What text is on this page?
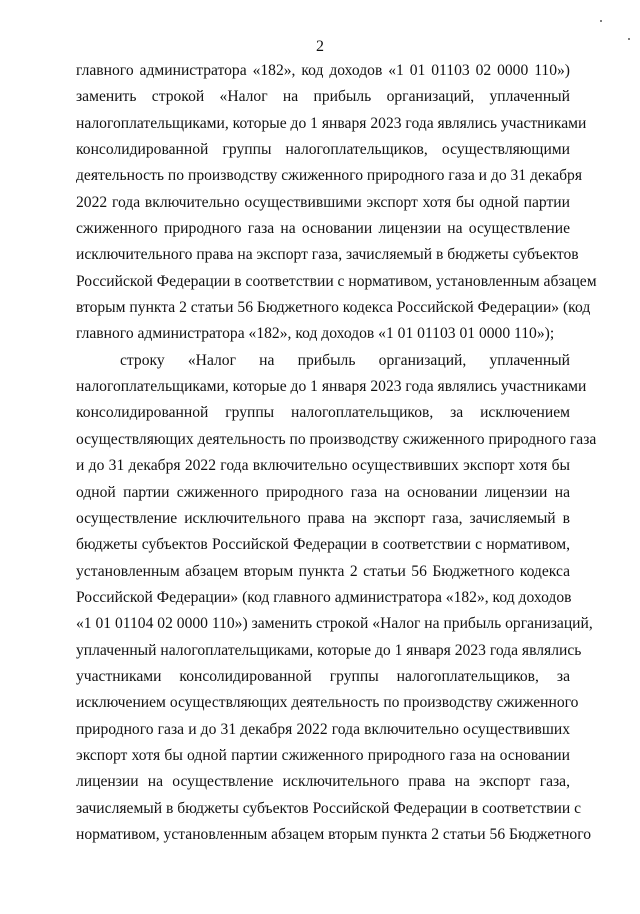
2
главного администратора «182», код доходов «1 01 01103 02 0000 110»)
заменить строкой «Налог на прибыль организаций, уплаченный
налогоплательщиками, которые до 1 января 2023 года являлись участниками
консолидированной группы налогоплательщиков, осуществляющими
деятельность по производству сжиженного природного газа и до 31 декабря
2022 года включительно осуществившими экспорт хотя бы одной партии
сжиженного природного газа на основании лицензии на осуществление
исключительного права на экспорт газа, зачисляемый в бюджеты субъектов
Российской Федерации в соответствии с нормативом, установленным абзацем
вторым пункта 2 статьи 56 Бюджетного кодекса Российской Федерации» (код
главного администратора «182», код доходов «1 01 01103 01 0000 110»);
строку «Налог на прибыль организаций, уплаченный
налогоплательщиками, которые до 1 января 2023 года являлись участниками
консолидированной группы налогоплательщиков, за исключением
осуществляющих деятельность по производству сжиженного природного газа
и до 31 декабря 2022 года включительно осуществивших экспорт хотя бы
одной партии сжиженного природного газа на основании лицензии на
осуществление исключительного права на экспорт газа, зачисляемый в
бюджеты субъектов Российской Федерации в соответствии с нормативом,
установленным абзацем вторым пункта 2 статьи 56 Бюджетного кодекса
Российской Федерации» (код главного администратора «182», код доходов
«1 01 01104 02 0000 110») заменить строкой «Налог на прибыль организаций,
уплаченный налогоплательщиками, которые до 1 января 2023 года являлись
участниками консолидированной группы налогоплательщиков, за
исключением осуществляющих деятельность по производству сжиженного
природного газа и до 31 декабря 2022 года включительно осуществивших
экспорт хотя бы одной партии сжиженного природного газа на основании
лицензии на осуществление исключительного права на экспорт газа,
зачисляемый в бюджеты субъектов Российской Федерации в соответствии с
нормативом, установленным абзацем вторым пункта 2 статьи 56 Бюджетного
